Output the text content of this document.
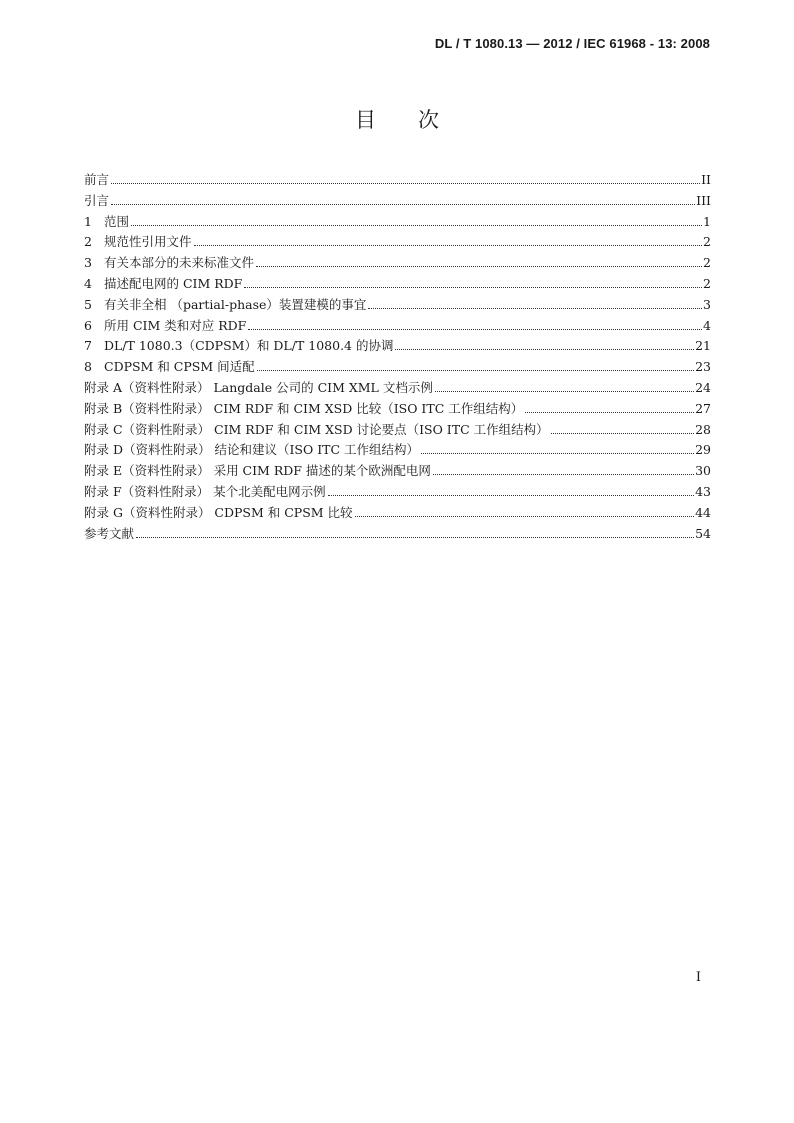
DL / T 1080.13 — 2012 / IEC 61968 - 13: 2008
目次
前言	II
引言	III
1 范围	1
2 规范性引用文件	2
3 有关本部分的未来标准文件	2
4 描述配电网的 CIM RDF	2
5 有关非全相 （partial-phase）装置建模的事宜	3
6 所用 CIM 类和对应 RDF	4
7 DL/T 1080.3（CDPSM）和 DL/T 1080.4 的协调	21
8 CDPSM 和 CPSM 间适配	23
附录 A（资料性附录） Langdale 公司的 CIM XML 文档示例	24
附录 B（资料性附录） CIM RDF 和 CIM XSD 比较（ISO ITC 工作组结构）	27
附录 C（资料性附录） CIM RDF 和 CIM XSD 讨论要点（ISO ITC 工作组结构）	28
附录 D（资料性附录） 结论和建议（ISO ITC 工作组结构）	29
附录 E（资料性附录） 采用 CIM RDF 描述的某个欧洲配电网	30
附录 F（资料性附录） 某个北美配电网示例	43
附录 G（资料性附录） CDPSM 和 CPSM 比较	44
参考文献	54
I
